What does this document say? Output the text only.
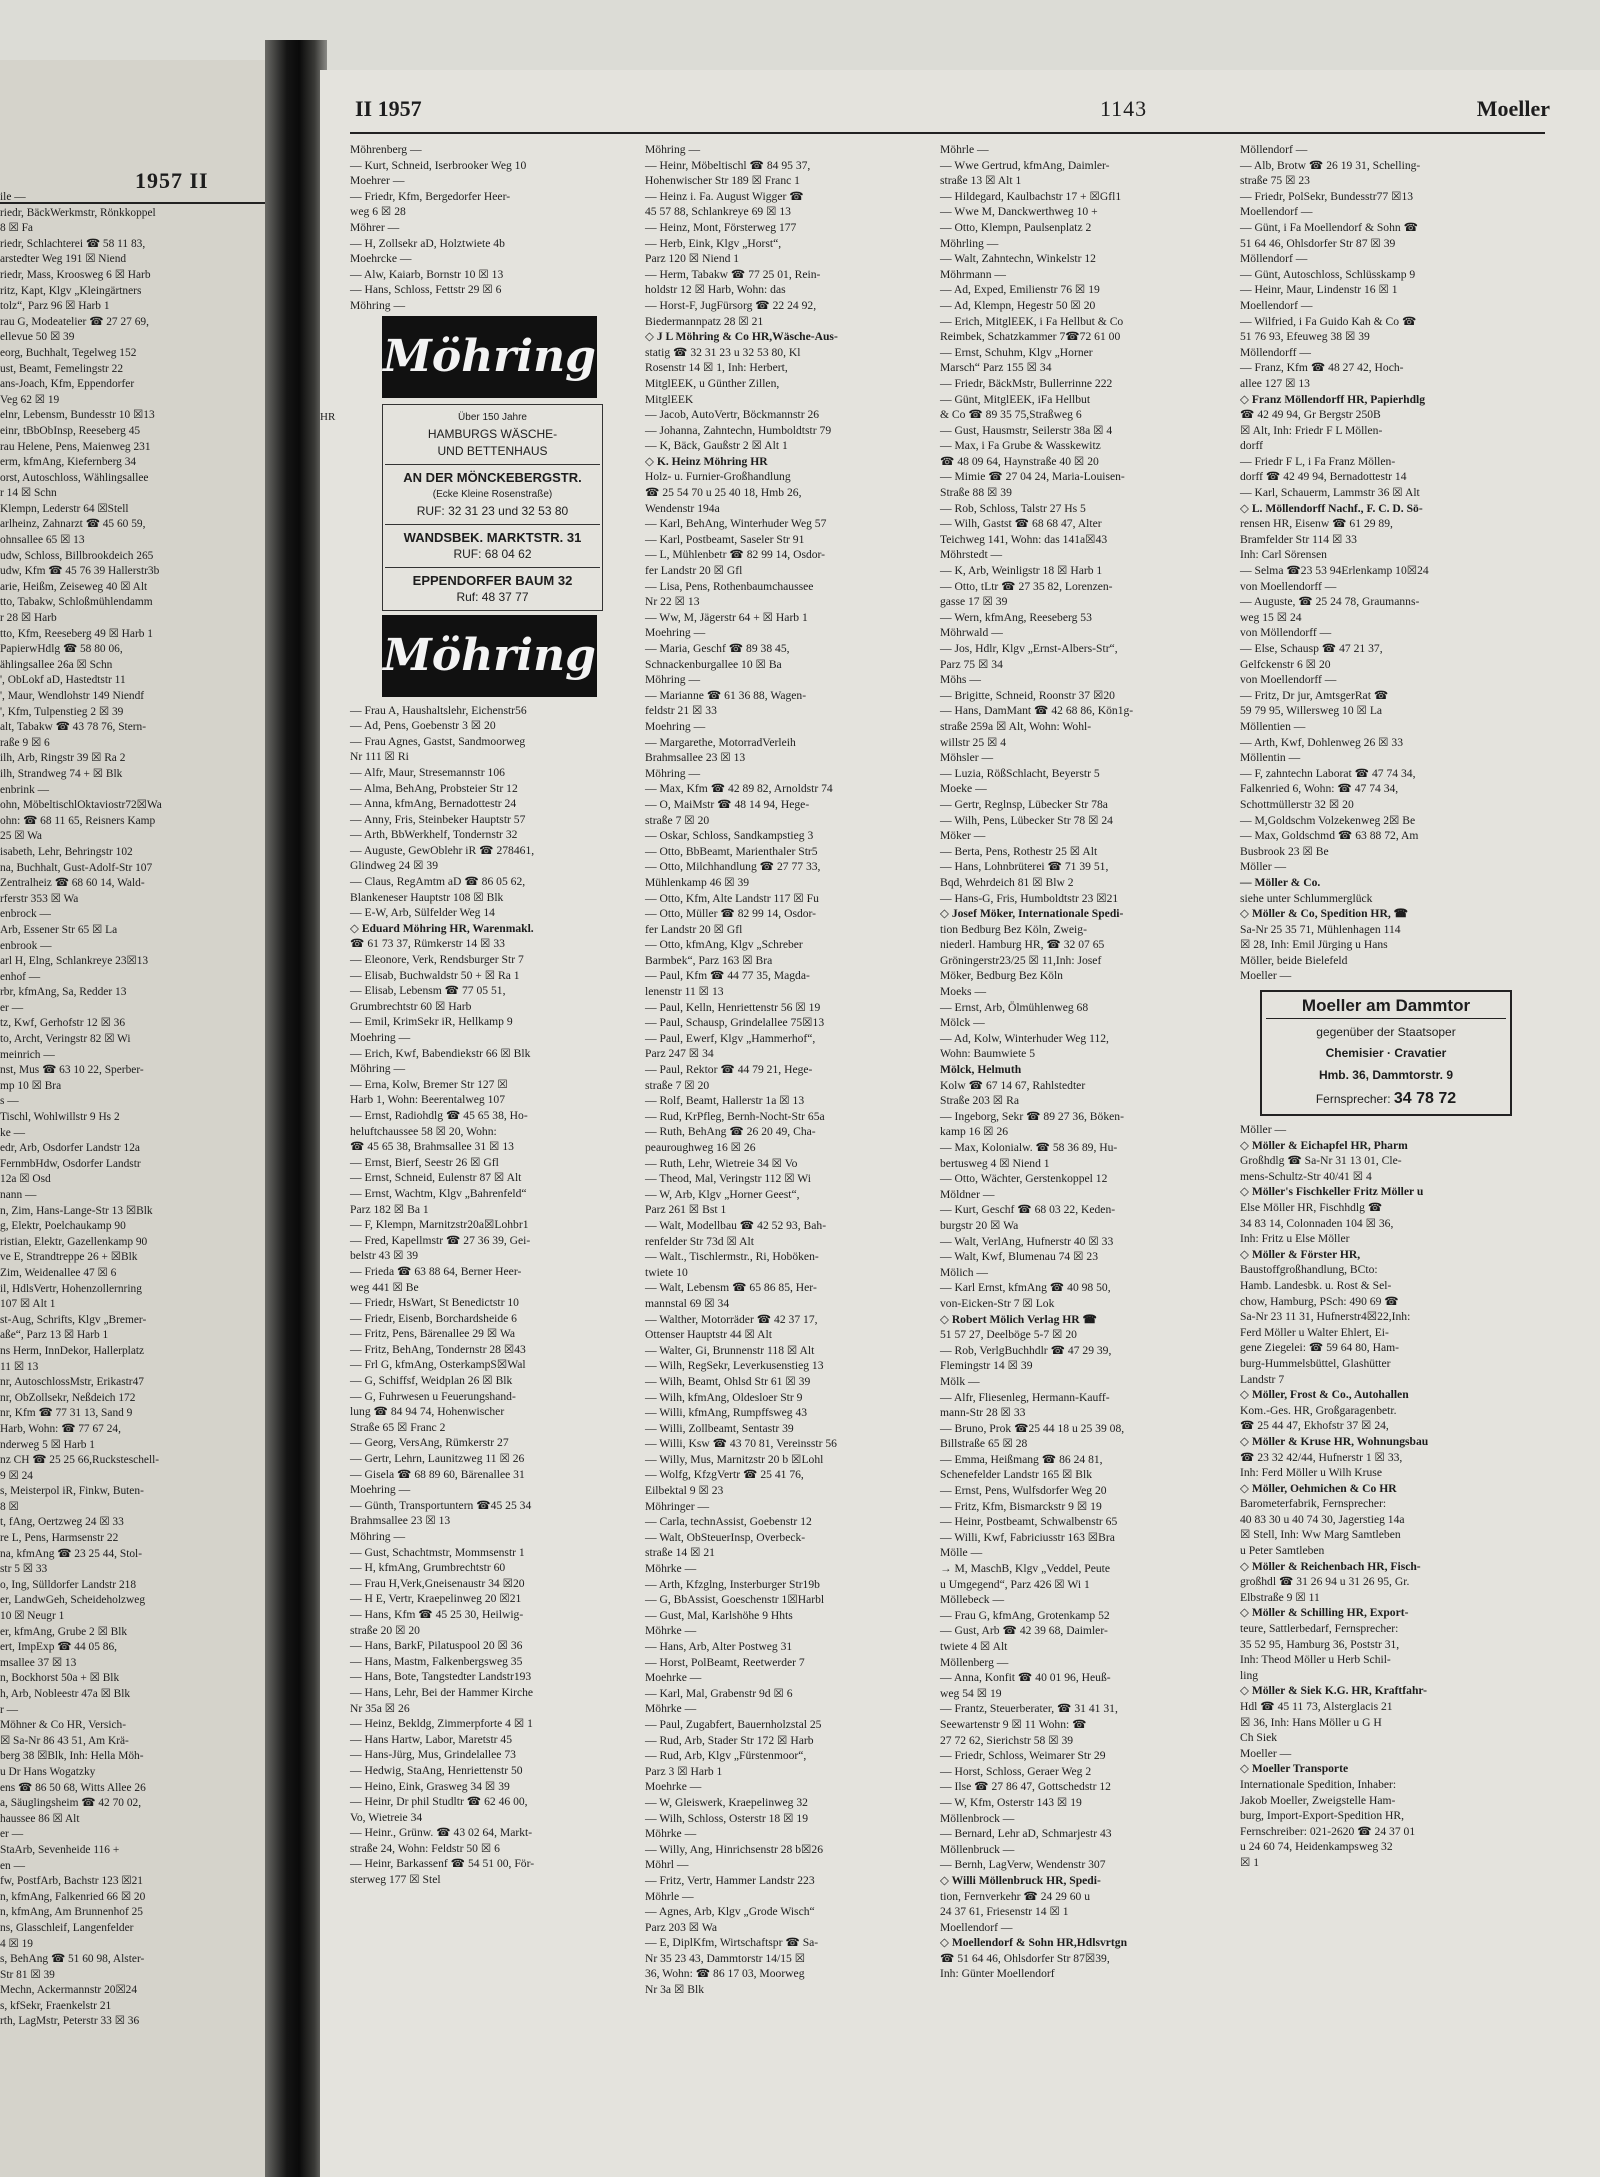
1957 II

ile —

riedr, BäckWerkmstr, Rönkkoppel

8 ☒ Fa

riedr, Schlachterei ☎ 58 11 83,

arstedter Weg 191 ☒ Niend

riedr, Mass, Kroosweg 6 ☒ Harb

ritz, Kapt, Klgv „Kleingärtners

tolz“, Parz 96 ☒ Harb 1

rau G, Modeatelier ☎ 27 27 69,

ellevue 50 ☒ 39

eorg, Buchhalt, Tegelweg 152

ust, Beamt, Femelingstr 22

ans-Joach, Kfm, Eppendorfer

Veg 62 ☒ 19

elnr, Lebensm, Bundesstr 10 ☒13

einr, tBbObInsp, Reeseberg 45

rau Helene, Pens, Maienweg 231

erm, kfmAng, Kiefernberg 34

orst, Autoschloss, Wählingsallee

r 14 ☒ Schn

Klempn, Lederstr 64 ☒Stell

arlheinz, Zahnarzt ☎ 45 60 59,

ohnsallee 65 ☒ 13

udw, Schloss, Billbrookdeich 265

udw, Kfm ☎ 45 76 39 Hallerstr3b

arie, Heißm, Zeiseweg 40 ☒ Alt

tto, Tabakw, Schloßmühlendamm

r 28 ☒ Harb

tto, Kfm, Reeseberg 49 ☒ Harb 1

PapierwHdlg ☎ 58 80 06,

ählingsallee 26a ☒ Schn

', ObLokf aD, Hastedtstr 11

', Maur, Wendlohstr 149 Niendf

', Kfm, Tulpenstieg 2 ☒ 39

alt, Tabakw ☎ 43 78 76, Stern-

raße 9 ☒ 6

ilh, Arb, Ringstr 39 ☒ Ra 2

ilh, Strandweg 74 + ☒ Blk

enbrink —

ohn, MöbeltischlOktaviostr72☒Wa

ohn: ☎ 68 11 65, Reisners Kamp

25 ☒ Wa

isabeth, Lehr, Behringstr 102

na, Buchhalt, Gust-Adolf-Str 107

Zentralheiz ☎ 68 60 14, Wald-

rferstr 353 ☒ Wa

enbrock —

Arb, Essener Str 65 ☒ La

enbrook —

arl H, Elng, Schlankreye 23☒13

enhof —

rbr, kfmAng, Sa, Redder 13

er —

tz, Kwf, Gerhofstr 12 ☒ 36

to, Archt, Veringstr 82 ☒ Wi

meinrich —

nst, Mus ☎ 63 10 22, Sperber-

mp 10 ☒ Bra

s —

Tischl, Wohlwillstr 9 Hs 2

ke —

edr, Arb, Osdorfer Landstr 12a

FernmbHdw, Osdorfer Landstr

12a ☒ Osd

nann —

n, Zim, Hans-Lange-Str 13 ☒Blk

g, Elektr, Poelchaukamp 90

ristian, Elektr, Gazellenkamp 90

ve E, Strandtreppe 26 + ☒Blk

Zim, Weidenallee 47 ☒ 6

il, HdlsVertr, Hohenzollernring

107 ☒ Alt 1

st-Aug, Schrifts, Klgv „Bremer-

aße“, Parz 13 ☒ Harb 1

ns Herm, InnDekor, Hallerplatz

11 ☒ 13

nr, AutoschlossMstr, Erikastr47

nr, ObZollsekr, Neßdeich 172

nr, Kfm ☎ 77 31 13, Sand 9

Harb, Wohn: ☎ 77 67 24,

nderweg 5 ☒ Harb 1

nz CH ☎ 25 25 66,Rucksteschell-

9 ☒ 24

s, Meisterpol iR, Finkw, Buten-

8 ☒

t, fAng, Oertzweg 24 ☒ 33

re L, Pens, Harmsenstr 22

na, kfmAng ☎ 23 25 44, Stol-

str 5 ☒ 33

o, Ing, Sülldorfer Landstr 218

er, LandwGeh, Scheideholzweg

10 ☒ Neugr 1

er, kfmAng, Grube 2 ☒ Blk

ert, ImpExp ☎ 44 05 86,

msallee 37 ☒ 13

n, Bockhorst 50a + ☒ Blk

h, Arb, Nobleestr 47a ☒ Blk

r —

Möhner & Co HR, Versich-

☒ Sa-Nr 86 43 51, Am Krä-

berg 38 ☒Blk, Inh: Hella Möh-

u Dr Hans Wogatzky

ens ☎ 86 50 68, Witts Allee 26

a, Säuglingsheim ☎ 42 70 02,

haussee 86 ☒ Alt

er —

StaArb, Sevenheide 116 +

en —

fw, PostfArb, Bachstr 123 ☒21

n, kfmAng, Falkenried 66 ☒ 20

n, kfmAng, Am Brunnenhof 25

ns, Glasschleif, Langenfelder

4 ☒ 19

s, BehAng ☎ 51 60 98, Alster-

Str 81 ☒ 39

Mechn, Ackermannstr 20☒24

s, kfSekr, Fraenkelstr 21

rth, LagMstr, Peterstr 33 ☒ 36

II 1957	1143	Moeller

Möhrenberg —

— Kurt, Schneid, Iserbrooker Weg 10

Moehrer —

— Friedr, Kfm, Bergedorfer Heer-

weg 6 ☒ 28

Möhrer —

— H, Zollsekr aD, Holztwiete 4b

Moehrcke —

— Alw, Kaiarb, Bornstr 10 ☒ 13

— Hans, Schloss, Fettstr 29 ☒ 6

Möhring —

Möhring
HR	Über 150 Jahre
HAMBURGS WÄSCHE-
UND BETTENHAUS
AN DER MÖNCKEBERGSTR.
(Ecke Kleine Rosenstraße)
RUF: 32 31 23 und 32 53 80
WANDSBEK. MARKTSTR. 31
RUF: 68 04 62
EPPENDORFER BAUM 32
Ruf: 48 37 77
Möhring

— Frau A, Haushaltslehr, Eichenstr56

— Ad, Pens, Goebenstr 3 ☒ 20

— Frau Agnes, Gastst, Sandmoorweg

Nr 111 ☒ Ri

— Alfr, Maur, Stresemannstr 106

— Alma, BehAng, Probsteier Str 12

— Anna, kfmAng, Bernadottestr 24

— Anny, Fris, Steinbeker Hauptstr 57

— Arth, BbWerkhelf, Tondernstr 32

— Auguste, GewOblehr iR ☎ 278461,

Glindweg 24 ☒ 39

— Claus, RegAmtm aD ☎ 86 05 62,

Blankeneser Hauptstr 108 ☒ Blk

— E-W, Arb, Sülfelder Weg 14

◇ Eduard Möhring HR, Warenmakl.

☎ 61 73 37, Rümkerstr 14 ☒ 33

— Eleonore, Verk, Rendsburger Str 7

— Elisab, Buchwaldstr 50 + ☒ Ra 1

— Elisab, Lebensm ☎ 77 05 51,

Grumbrechtstr 60 ☒ Harb

— Emil, KrimSekr iR, Hellkamp 9

Moehring —

— Erich, Kwf, Babendiekstr 66 ☒ Blk

Möhring —

— Erna, Kolw, Bremer Str 127 ☒

Harb 1, Wohn: Beerentalweg 107

— Ernst, Radiohdlg ☎ 45 65 38, Ho-

heluftchaussee 58 ☒ 20, Wohn:

☎ 45 65 38, Brahmsallee 31 ☒ 13

— Ernst, Bierf, Seestr 26 ☒ Gfl

— Ernst, Schneid, Eulenstr 87 ☒ Alt

— Ernst, Wachtm, Klgv „Bahrenfeld“

Parz 182 ☒ Ba 1

— F, Klempn, Marnitzstr20a☒Lohbr1

— Fred, Kapellmstr ☎ 27 36 39, Gei-

belstr 43 ☒ 39

— Frieda ☎ 63 88 64, Berner Heer-

weg 441 ☒ Be

— Friedr, HsWart, St Benedictstr 10

— Friedr, Eisenb, Borchardsheide 6

— Fritz, Pens, Bärenallee 29 ☒ Wa

— Fritz, BehAng, Tondernstr 28 ☒43

— Frl G, kfmAng, OsterkampS☒Wal

— G, Schiffsf, Weidplan 26 ☒ Blk

— G, Fuhrwesen u Feuerungshand-

lung ☎ 84 94 74, Hohenwischer

Straße 65 ☒ Franc 2

— Georg, VersAng, Rümkerstr 27

— Gertr, Lehrn, Launitzweg 11 ☒ 26

— Gisela ☎ 68 89 60, Bärenallee 31

Moehring —

— Günth, Transportuntern ☎45 25 34

Brahmsallee 23 ☒ 13

Möhring —

— Gust, Schachtmstr, Mommsenstr 1

— H, kfmAng, Grumbrechtstr 60

— Frau H,Verk,Gneisenaustr 34 ☒20

— H E, Vertr, Kraepelinweg 20 ☒21

— Hans, Kfm ☎ 45 25 30, Heilwig-

straße 20 ☒ 20

— Hans, BarkF, Pilatuspool 20 ☒ 36

— Hans, Mastm, Falkenbergsweg 35

— Hans, Bote, Tangstedter Landstr193

— Hans, Lehr, Bei der Hammer Kirche

Nr 35a ☒ 26

— Heinz, Bekldg, Zimmerpforte 4 ☒ 1

— Hans Hartw, Labor, Maretstr 45

— Hans-Jürg, Mus, Grindelallee 73

— Hedwig, StaAng, Henriettenstr 50

— Heino, Eink, Grasweg 34 ☒ 39

— Heinr, Dr phil Studltr ☎ 62 46 00,

Vo, Wietreie 34

— Heinr., Grünw. ☎ 43 02 64, Markt-

straße 24, Wohn: Feldstr 50 ☒ 6

— Heinr, Barkassenf ☎ 54 51 00, För-

sterweg 177 ☒ Stel

Möhring —

— Heinr, Möbeltischl ☎ 84 95 37,

Hohenwischer Str 189 ☒ Franc 1

— Heinz i. Fa. August Wigger ☎

45 57 88, Schlankreye 69 ☒ 13

— Heinz, Mont, Försterweg 177

— Herb, Eink, Klgv „Horst“,

Parz 120 ☒ Niend 1

— Herm, Tabakw ☎ 77 25 01, Rein-

holdstr 12 ☒ Harb, Wohn: das

— Horst-F, JugFürsorg ☎ 22 24 92,

Biedermannpatz 28 ☒ 21

◇ J L Möhring & Co HR,Wäsche-Aus-

statig ☎ 32 31 23 u 32 53 80, Kl

Rosenstr 14 ☒ 1, Inh: Herbert,

MitglEEK, u Günther Zillen,

MitglEEK

— Jacob, AutoVertr, Böckmannstr 26

— Johanna, Zahntechn, Humboldtstr 79

— K, Bäck, Gaußstr 2 ☒ Alt 1

◇ K. Heinz Möhring HR

Holz- u. Furnier-Großhandlung

☎ 25 54 70 u 25 40 18, Hmb 26,

Wendenstr 194a

— Karl, BehAng, Winterhuder Weg 57

— Karl, Postbeamt, Saseler Str 91

— L, Mühlenbetr ☎ 82 99 14, Osdor-

fer Landstr 20 ☒ Gfl

— Lisa, Pens, Rothenbaumchaussee

Nr 22 ☒ 13

— Ww, M, Jägerstr 64 + ☒ Harb 1

Moehring —

— Maria, Geschf ☎ 89 38 45,

Schnackenburgallee 10 ☒ Ba

Möhring —

— Marianne ☎ 61 36 88, Wagen-

feldstr 21 ☒ 33

Moehring —

— Margarethe, MotorradVerleih

Brahmsallee 23 ☒ 13

Möhring —

— Max, Kfm ☎ 42 89 82, Arnoldstr 74

— O, MaiMstr ☎ 48 14 94, Hege-

straße 7 ☒ 20

— Oskar, Schloss, Sandkampstieg 3

— Otto, BbBeamt, Marienthaler Str5

— Otto, Milchhandlung ☎ 27 77 33,

Mühlenkamp 46 ☒ 39

— Otto, Kfm, Alte Landstr 117 ☒ Fu

— Otto, Müller ☎ 82 99 14, Osdor-

fer Landstr 20 ☒ Gfl

— Otto, kfmAng, Klgv „Schreber

Barmbek“, Parz 163 ☒ Bra

— Paul, Kfm ☎ 44 77 35, Magda-

lenenstr 11 ☒ 13

— Paul, Kelln, Henriettenstr 56 ☒ 19

— Paul, Schausp, Grindelallee 75☒13

— Paul, Ewerf, Klgv „Hammerhof“,

Parz 247 ☒ 34

— Paul, Rektor ☎ 44 79 21, Hege-

straße 7 ☒ 20

— Rolf, Beamt, Hallerstr 1a ☒ 13

— Rud, KrPfleg, Bernh-Nocht-Str 65a

— Ruth, BehAng ☎ 26 20 49, Cha-

peauroughweg 16 ☒ 26

— Ruth, Lehr, Wietreie 34 ☒ Vo

— Theod, Mal, Veringstr 112 ☒ Wi

— W, Arb, Klgv „Horner Geest“,

Parz 261 ☒ Bst 1

— Walt, Modellbau ☎ 42 52 93, Bah-

renfelder Str 73d ☒ Alt

— Walt., Tischlermstr., Ri, Hoböken-

twiete 10

— Walt, Lebensm ☎ 65 86 85, Her-

mannstal 69 ☒ 34

— Walther, Motorräder ☎ 42 37 17,

Ottenser Hauptstr 44 ☒ Alt

— Walter, Gi, Brunnenstr 118 ☒ Alt

— Wilh, RegSekr, Leverkusenstieg 13

— Wilh, Beamt, Ohlsd Str 61 ☒ 39

— Wilh, kfmAng, Oldesloer Str 9

— Willi, kfmAng, Rumpffsweg 43

— Willi, Zollbeamt, Sentastr 39

— Willi, Ksw ☎ 43 70 81, Vereinsstr 56

— Willy, Mus, Marnitzstr 20 b ☒Lohl

— Wolfg, KfzgVertr ☎ 25 41 76,

Eilbektal 9 ☒ 23

Möhringer —

— Carla, technAssist, Goebenstr 12

— Walt, ObSteuerInsp, Overbeck-

straße 14 ☒ 21

Möhrke —

— Arth, Kfzglng, Insterburger Str19b

— G, BbAssist, Goeschenstr 1☒Harbl

— Gust, Mal, Karlshöhe 9 Hhts

Möhrke —

— Hans, Arb, Alter Postweg 31

— Horst, PolBeamt, Reetwerder 7

Moehrke —

— Karl, Mal, Grabenstr 9d ☒ 6

Möhrke —

— Paul, Zugabfert, Bauernholzstal 25

— Rud, Arb, Stader Str 172 ☒ Harb

— Rud, Arb, Klgv „Fürstenmoor“,

Parz 3 ☒ Harb 1

Moehrke —

— W, Gleiswerk, Kraepelinweg 32

— Wilh, Schloss, Osterstr 18 ☒ 19

Möhrke —

— Willy, Ang, Hinrichsenstr 28 b☒26

Möhrl —

— Fritz, Vertr, Hammer Landstr 223

Möhrle —

— Agnes, Arb, Klgv „Grode Wisch“

Parz 203 ☒ Wa

— E, DiplKfm, Wirtschaftspr ☎ Sa-

Nr 35 23 43, Dammtorstr 14/15 ☒

36, Wohn: ☎ 86 17 03, Moorweg

Nr 3a ☒ Blk

Möhrle —

— Wwe Gertrud, kfmAng, Daimler-

straße 13 ☒ Alt 1

— Hildegard, Kaulbachstr 17 + ☒Gfl1

— Wwe M, Danckwerthweg 10 +

— Otto, Klempn, Paulsenplatz 2

Möhrling —

— Walt, Zahntechn, Winkelstr 12

Möhrmann —

— Ad, Exped, Emilienstr 76 ☒ 19

— Ad, Klempn, Hegestr 50 ☒ 20

— Erich, MitglEEK, i Fa Hellbut & Co

Reimbek, Schatzkammer 7☎72 61 00

— Ernst, Schuhm, Klgv „Horner

Marsch“ Parz 155 ☒ 34

— Friedr, BäckMstr, Bullerrinne 222

— Günt, MitglEEK, iFa Hellbut

& Co ☎ 89 35 75,Straßweg 6

— Gust, Hausmstr, Seilerstr 38a ☒ 4

— Max, i Fa Grube & Wasskewitz

☎ 48 09 64, Haynstraße 40 ☒ 20

— Mimie ☎ 27 04 24, Maria-Louisen-

Straße 88 ☒ 39

— Rob, Schloss, Talstr 27 Hs 5

— Wilh, Gastst ☎ 68 68 47, Alter

Teichweg 141, Wohn: das 141a☒43

Möhrstedt —

— K, Arb, Weinligstr 18 ☒ Harb 1

— Otto, tLtr ☎ 27 35 82, Lorenzen-

gasse 17 ☒ 39

— Wern, kfmAng, Reeseberg 53

Möhrwald —

— Jos, Hdlr, Klgv „Ernst-Albers-Str“,

Parz 75 ☒ 34

Möhs —

— Brigitte, Schneid, Roonstr 37 ☒20

— Hans, DamMant ☎ 42 68 86, Kön1g-

straße 259a ☒ Alt, Wohn: Wohl-

willstr 25 ☒ 4

Möhsler —

— Luzia, RößSchlacht, Beyerstr 5

Moeke —

— Gertr, Reglnsp, Lübecker Str 78a

— Wilh, Pens, Lübecker Str 78 ☒ 24

Möker —

— Berta, Pens, Rothestr 25 ☒ Alt

— Hans, Lohnbrüterei ☎ 71 39 51,

Bqd, Wehrdeich 81 ☒ Blw 2

— Hans-G, Fris, Humboldtstr 23 ☒21

◇ Josef Möker, Internationale Spedi-

tion Bedburg Bez Köln, Zweig-

niederl. Hamburg HR, ☎ 32 07 65

Gröningerstr23/25 ☒ 11,Inh: Josef

Möker, Bedburg Bez Köln

Moeks —

— Ernst, Arb, Ölmühlenweg 68

Mölck —

— Ad, Kolw, Winterhuder Weg 112,

Wohn: Baumwiete 5

Mölck, Helmuth

Kolw ☎ 67 14 67, Rahlstedter

Straße 203 ☒ Ra

— Ingeborg, Sekr ☎ 89 27 36, Böken-

kamp 16 ☒ 26

— Max, Kolonialw. ☎ 58 36 89, Hu-

bertusweg 4 ☒ Niend 1

— Otto, Wächter, Gerstenkoppel 12

Möldner —

— Kurt, Geschf ☎ 68 03 22, Keden-

burgstr 20 ☒ Wa

— Walt, VerlAng, Hufnerstr 40 ☒ 33

— Walt, Kwf, Blumenau 74 ☒ 23

Mölich —

— Karl Ernst, kfmAng ☎ 40 98 50,

von-Eicken-Str 7 ☒ Lok

◇ Robert Mölich Verlag HR ☎

51 57 27, Deelböge 5-7 ☒ 20

— Rob, VerlgBuchhdlr ☎ 47 29 39,

Flemingstr 14 ☒ 39

Mölk —

— Alfr, Fliesenleg, Hermann-Kauff-

mann-Str 28 ☒ 33

— Bruno, Prok ☎25 44 18 u 25 39 08,

Billstraße 65 ☒ 28

— Emma, Heißmang ☎ 86 24 81,

Schenefelder Landstr 165 ☒ Blk

— Ernst, Pens, Wulfsdorfer Weg 20

— Fritz, Kfm, Bismarckstr 9 ☒ 19

— Heinr, Postbeamt, Schwalbenstr 65

— Willi, Kwf, Fabriciusstr 163 ☒Bra

Mölle —

→ M, MaschB, Klgv „Veddel, Peute

u Umgegend“, Parz 426 ☒ Wi 1

Möllebeck —

— Frau G, kfmAng, Grotenkamp 52

— Gust, Arb ☎ 42 39 68, Daimler-

twiete 4 ☒ Alt

Möllenberg —

— Anna, Konfit ☎ 40 01 96, Heuß-

weg 54 ☒ 19

— Frantz, Steuerberater, ☎ 31 41 31,

Seewartenstr 9 ☒ 11 Wohn: ☎

27 72 62, Sierichstr 58 ☒ 39

— Friedr, Schloss, Weimarer Str 29

— Horst, Schloss, Geraer Weg 2

— Ilse ☎ 27 86 47, Gottschedstr 12

— W, Kfm, Osterstr 143 ☒ 19

Möllenbrock —

— Bernard, Lehr aD, Schmarjestr 43

Möllenbruck —

— Bernh, LagVerw, Wendenstr 307

◇ Willi Möllenbruck HR, Spedi-

tion, Fernverkehr ☎ 24 29 60 u

24 37 61, Friesenstr 14 ☒ 1

Moellendorf —

◇ Moellendorf & Sohn HR,Hdlsvrtgn

☎ 51 64 46, Ohlsdorfer Str 87☒39,

Inh: Günter Moellendorf

Möllendorf —

— Alb, Brotw ☎ 26 19 31, Schelling-

straße 75 ☒ 23

— Friedr, PolSekr, Bundesstr77 ☒13

Moellendorf —

— Günt, i Fa Moellendorf & Sohn ☎

51 64 46, Ohlsdorfer Str 87 ☒ 39

Möllendorf —

— Günt, Autoschloss, Schlüsskamp 9

— Heinr, Maur, Lindenstr 16 ☒ 1

Moellendorf —

— Wilfried, i Fa Guido Kah & Co ☎

51 76 93, Efeuweg 38 ☒ 39

Möllendorff —

— Franz, Kfm ☎ 48 27 42, Hoch-

allee 127 ☒ 13

◇ Franz Möllendorff HR, Papierhdlg

☎ 42 49 94, Gr Bergstr 250B

☒ Alt, Inh: Friedr F L Möllen-

dorff

— Friedr F L, i Fa Franz Möllen-

dorff ☎ 42 49 94, Bernadottestr 14

— Karl, Schauerm, Lammstr 36 ☒ Alt

◇ L. Möllendorff Nachf., F. C. D. Sö-

rensen HR, Eisenw ☎ 61 29 89,

Bramfelder Str 114 ☒ 33

Inh: Carl Sörensen

— Selma ☎23 53 94Erlenkamp 10☒24

von Moellendorff —

— Auguste, ☎ 25 24 78, Graumanns-

weg 15 ☒ 24

von Möllendorff —

— Else, Schausp ☎ 47 21 37,

Gelfckenstr 6 ☒ 20

von Moellendorff —

— Fritz, Dr jur, AmtsgerRat ☎

59 79 95, Willersweg 10 ☒ La

Möllentien —

— Arth, Kwf, Dohlenweg 26 ☒ 33

Möllentin —

— F, zahntechn Laborat ☎ 47 74 34,

Falkenried 6, Wohn: ☎ 47 74 34,

Schottmüllerstr 32 ☒ 20

— M,Goldschm Volzekenweg 2☒ Be

— Max, Goldschmd ☎ 63 88 72, Am

Busbrook 23 ☒ Be

Möller —

— Möller & Co.

siehe unter Schlummerglück

◇ Möller & Co, Spedition HR, ☎

Sa-Nr 25 35 71, Mühlenhagen 114

☒ 28, Inh: Emil Jürging u Hans

Möller, beide Bielefeld

Moeller —

Moeller am Dammtor
gegenüber der Staatsoper
Chemisier · Cravatier
Hmb. 36, Dammtorstr. 9
Fernsprecher: 34 78 72

Möller —

◇ Möller & Eichapfel HR, Pharm

Großhdlg ☎ Sa-Nr 31 13 01, Cle-

mens-Schultz-Str 40/41 ☒ 4

◇ Möller's Fischkeller Fritz Möller u

Else Möller HR, Fischhdlg ☎

34 83 14, Colonnaden 104 ☒ 36,

Inh: Fritz u Else Möller

◇ Möller & Förster HR,

Baustoffgroßhandlung, BCto:

Hamb. Landesbk. u. Rost & Sel-

chow, Hamburg, PSch: 490 69 ☎

Sa-Nr 23 11 31, Hufnerstr4☒22,Inh:

Ferd Möller u Walter Ehlert, Ei-

gene Ziegelei: ☎ 59 64 80, Ham-

burg-Hummelsbüttel, Glashütter

Landstr 7

◇ Möller, Frost & Co., Autohallen

Kom.-Ges. HR, Großgaragenbetr.

☎ 25 44 47, Ekhofstr 37 ☒ 24,

◇ Möller & Kruse HR, Wohnungsbau

☎ 23 32 42/44, Hufnerstr 1 ☒ 33,

Inh: Ferd Möller u Wilh Kruse

◇ Möller, Oehmichen & Co HR

Barometerfabrik, Fernsprecher:

40 83 30 u 40 74 30, Jagerstieg 14a

☒ Stell, Inh: Ww Marg Samtleben

u Peter Samtleben

◇ Möller & Reichenbach HR, Fisch-

großhdl ☎ 31 26 94 u 31 26 95, Gr.

Elbstraße 9 ☒ 11

◇ Möller & Schilling HR, Export-

teure, Sattlerbedarf, Fernsprecher:

35 52 95, Hamburg 36, Poststr 31,

Inh: Theod Möller u Herb Schil-

ling

◇ Möller & Siek K.G. HR, Kraftfahr-

Hdl ☎ 45 11 73, Alsterglacis 21

☒ 36, Inh: Hans Möller u G H

Ch Siek

Moeller —

◇ Moeller Transporte

Internationale Spedition, Inhaber:

Jakob Moeller, Zweigstelle Ham-

burg, Import-Export-Spedition HR,

Fernschreiber: 021-2620 ☎ 24 37 01

u 24 60 74, Heidenkampsweg 32

☒ 1
